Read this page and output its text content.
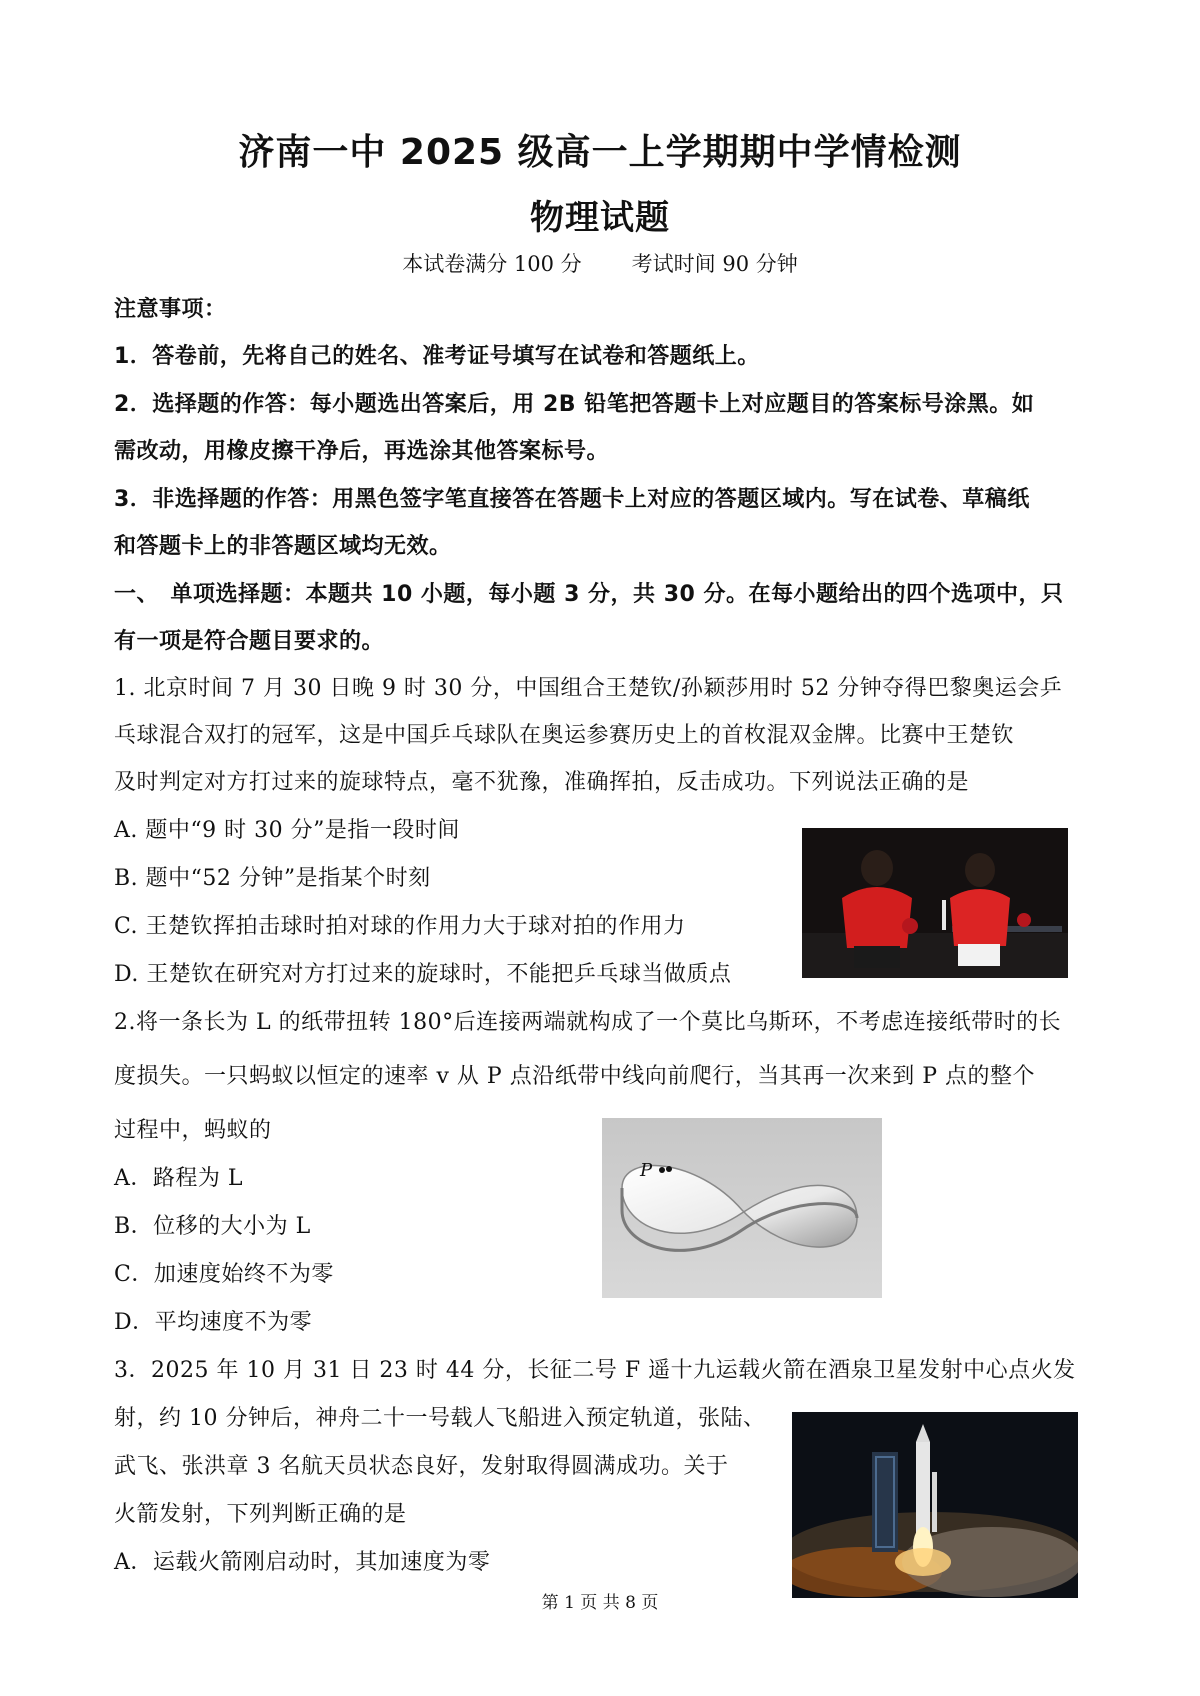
济南一中 2025 级高一上学期期中学情检测
物理试题
本试卷满分 100 分 考试时间 90 分钟
注意事项：
1．答卷前，先将自己的姓名、准考证号填写在试卷和答题纸上。
2．选择题的作答：每小题选出答案后，用 2B 铅笔把答题卡上对应题目的答案标号涂黑。如
需改动，用橡皮擦干净后，再选涂其他答案标号。
3．非选择题的作答：用黑色签字笔直接答在答题卡上对应的答题区域内。写在试卷、草稿纸
和答题卡上的非答题区域均无效。
一、　单项选择题：本题共 10 小题，每小题 3 分，共 30 分。在每小题给出的四个选项中，只
有一项是符合题目要求的。
1. 北京时间 7 月 30 日晚 9 时 30 分，中国组合王楚钦/孙颖莎用时 52 分钟夺得巴黎奥运会乒
乓球混合双打的冠军，这是中国乒乓球队在奥运参赛历史上的首枚混双金牌。比赛中王楚钦
及时判定对方打过来的旋球特点，毫不犹豫，准确挥拍，反击成功。下列说法正确的是
A. 题中“9 时 30 分”是指一段时间
B. 题中“52 分钟”是指某个时刻
C. 王楚钦挥拍击球时拍对球的作用力大于球对拍的作用力
D. 王楚钦在研究对方打过来的旋球时，不能把乒乓球当做质点
2.将一条长为 L 的纸带扭转 180°后连接两端就构成了一个莫比乌斯环，不考虑连接纸带时的长
度损失。一只蚂蚁以恒定的速率 v 从 P 点沿纸带中线向前爬行，当其再一次来到 P 点的整个
过程中，蚂蚁的
A．路程为 L
B．位移的大小为 L
C．加速度始终不为零
D．平均速度不为零
P
3．2025 年 10 月 31 日 23 时 44 分，长征二号 F 遥十九运载火箭在酒泉卫星发射中心点火发
射，约 10 分钟后，神舟二十一号载人飞船进入预定轨道，张陆、
武飞、张洪章 3 名航天员状态良好，发射取得圆满成功。关于
火箭发射，下列判断正确的是
A．运载火箭刚启动时，其加速度为零
第 1 页 共 8 页
